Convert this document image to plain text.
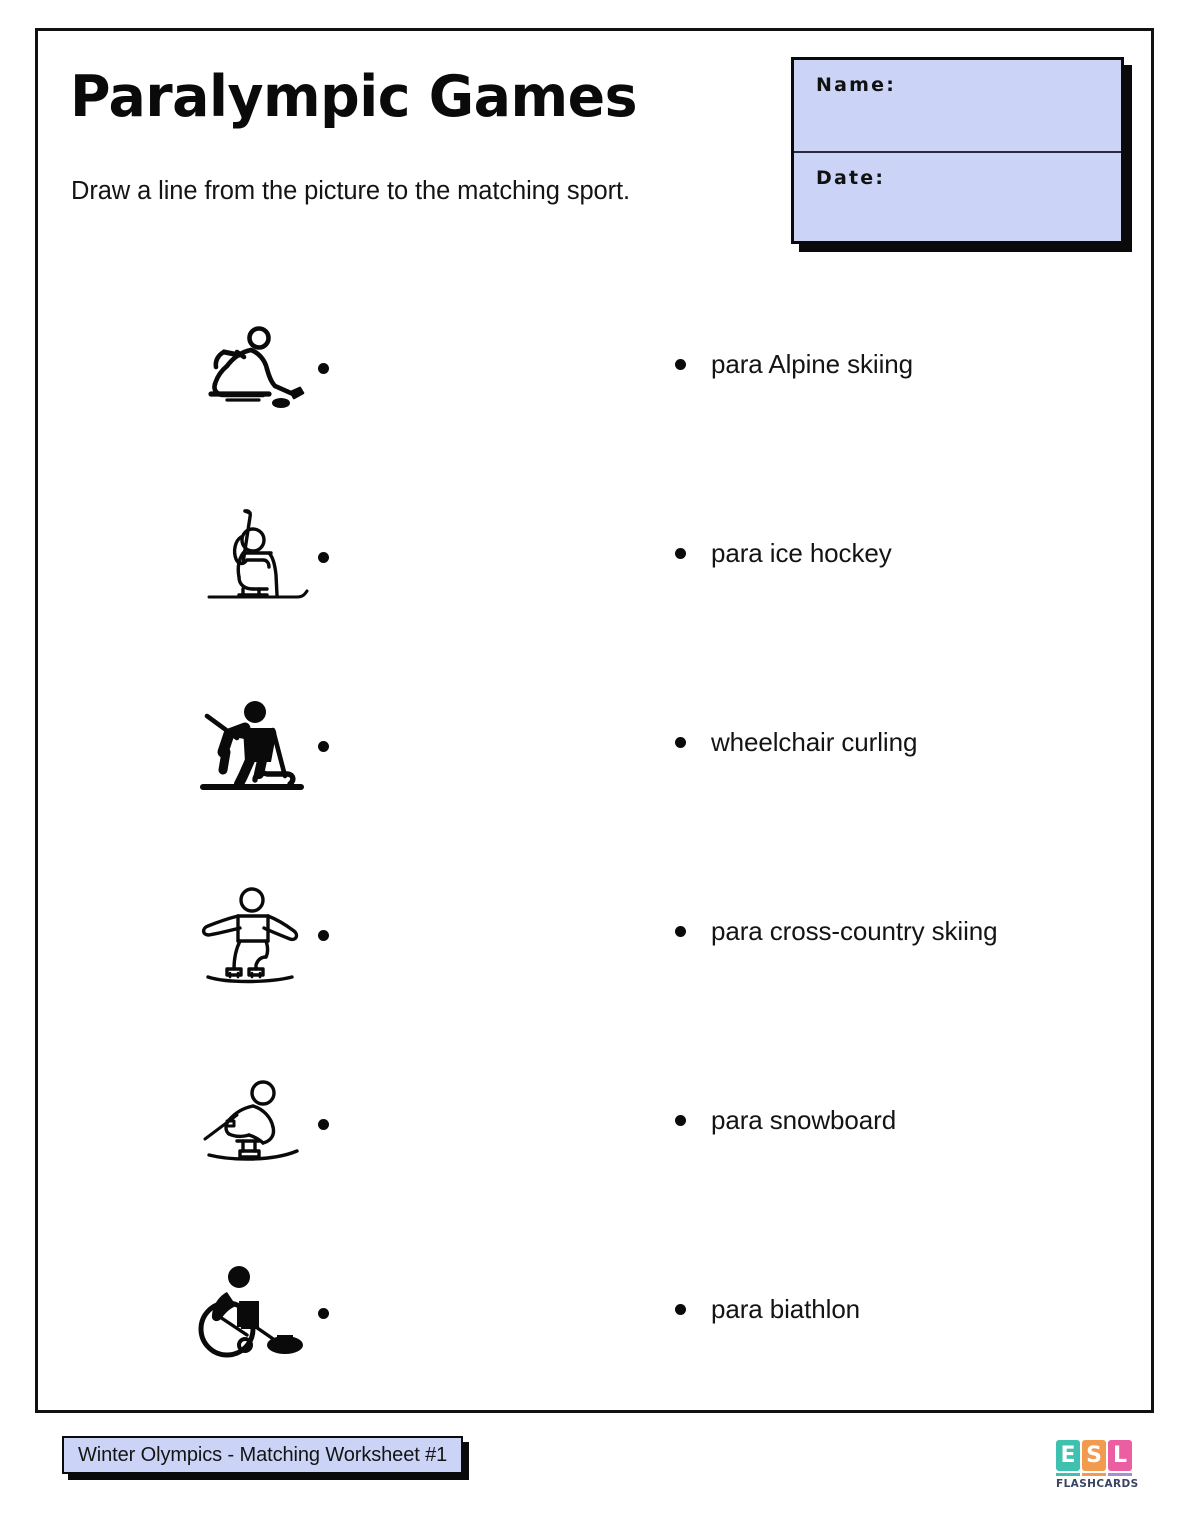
Paralympic Games

Draw a line from the picture to the matching sport.

Name:
Date:
para Alpine skiing
para ice hockey
wheelchair curling
para cross-country skiing
para snowboard
para biathlon
Winter Olympics - Matching Worksheet #1	E S L
FLASHCARDS
